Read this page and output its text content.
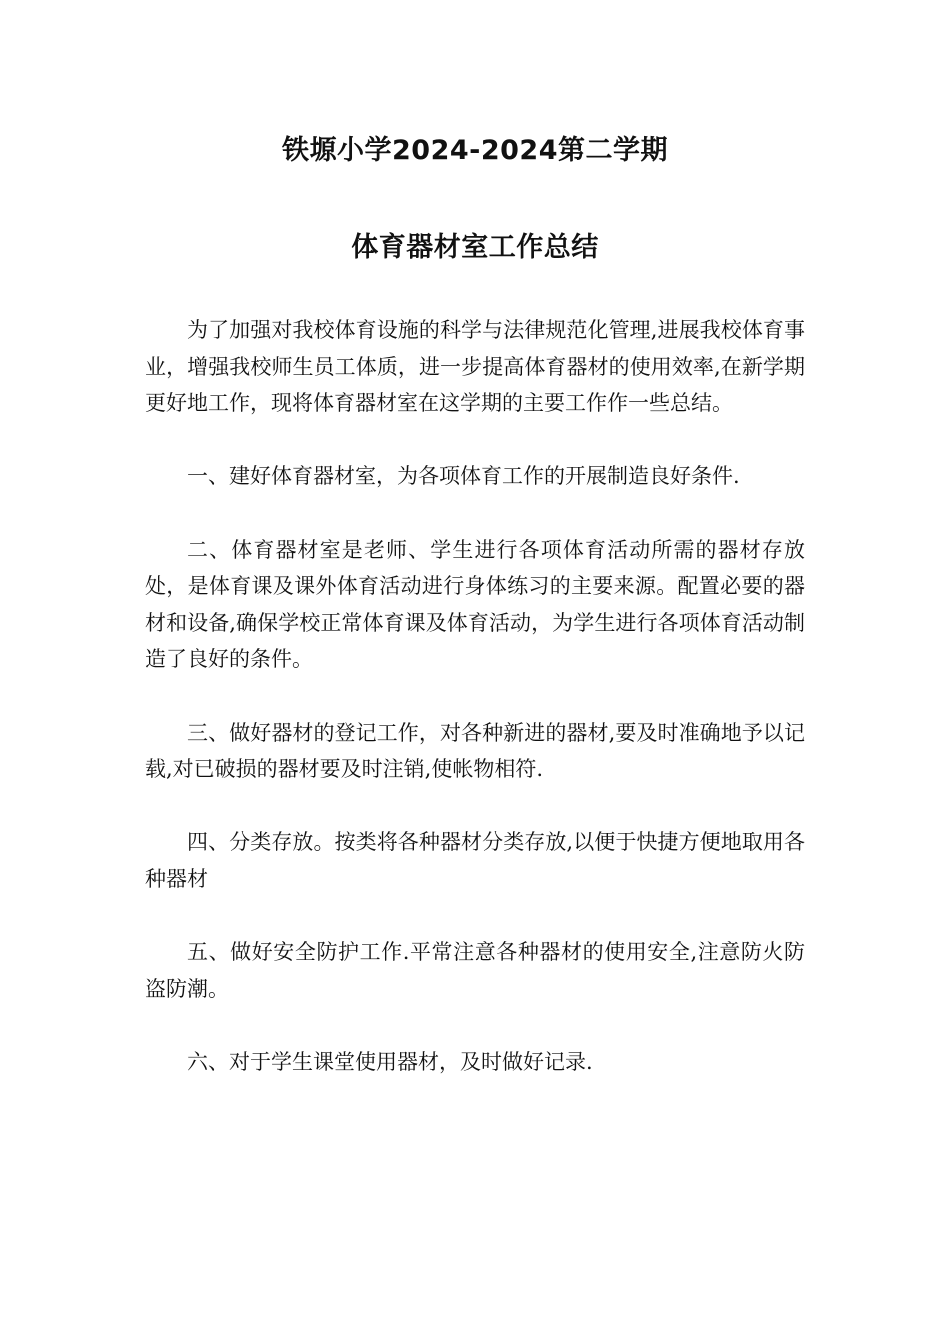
铁塬小学2024-2024第二学期
体育器材室工作总结

为了加强对我校体育设施的科学与法律规范化管理,进展我校体育事业，增强我校师生员工体质，进一步提高体育器材的使用效率,在新学期更好地工作，现将体育器材室在这学期的主要工作作一些总结。

一、建好体育器材室，为各项体育工作的开展制造良好条件.

二、体育器材室是老师、学生进行各项体育活动所需的器材存放处，是体育课及课外体育活动进行身体练习的主要来源。配置必要的器材和设备,确保学校正常体育课及体育活动，为学生进行各项体育活动制造了良好的条件。

三、做好器材的登记工作，对各种新进的器材,要及时准确地予以记载,对已破损的器材要及时注销,使帐物相符.

四、分类存放。按类将各种器材分类存放,以便于快捷方便地取用各种器材

五、做好安全防护工作.平常注意各种器材的使用安全,注意防火防盗防潮。

六、对于学生课堂使用器材，及时做好记录.
